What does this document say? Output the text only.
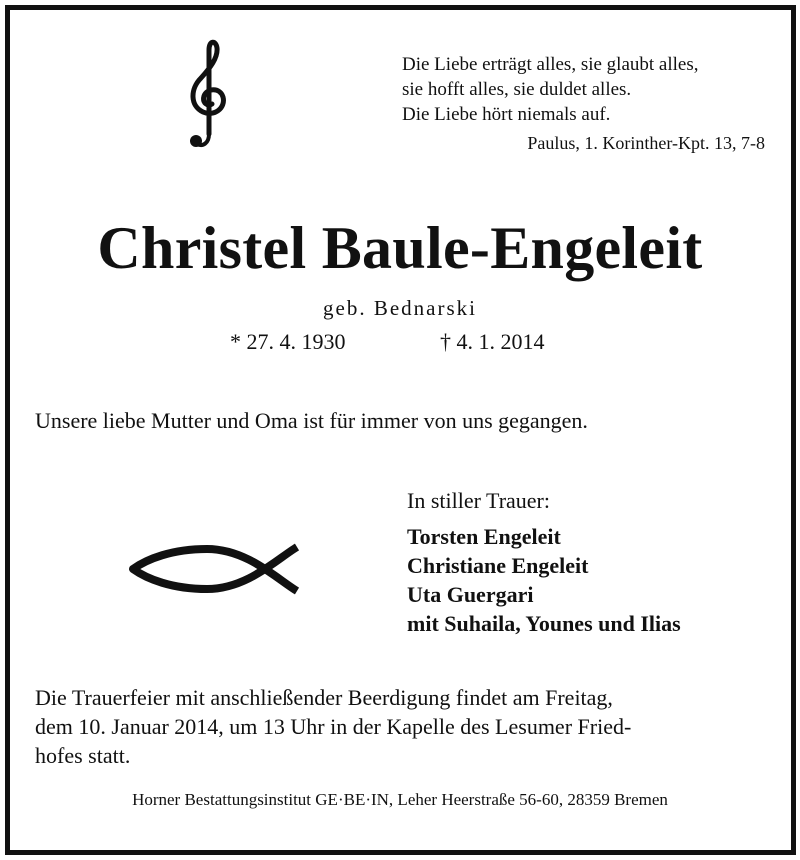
Die Liebe erträgt alles, sie glaubt alles,
sie hofft alles, sie duldet alles.
Die Liebe hört niemals auf.
Paulus, 1. Korinther-Kpt. 13, 7-8
Christel Baule-Engeleit
geb. Bednarski
* 27. 4. 1930	† 4. 1. 2014

Unsere liebe Mutter und Oma ist für immer von uns gegangen.

In stiller Trauer:
Torsten Engeleit
Christiane Engeleit
Uta Guergari
mit Suhaila, Younes und Ilias
Die Trauerfeier mit anschließender Beerdigung findet am Freitag,
dem 10. Januar 2014, um 13 Uhr in der Kapelle des Lesumer Fried-
hofes statt.
Horner Bestattungsinstitut GE·BE·IN, Leher Heerstraße 56-60, 28359 Bremen
